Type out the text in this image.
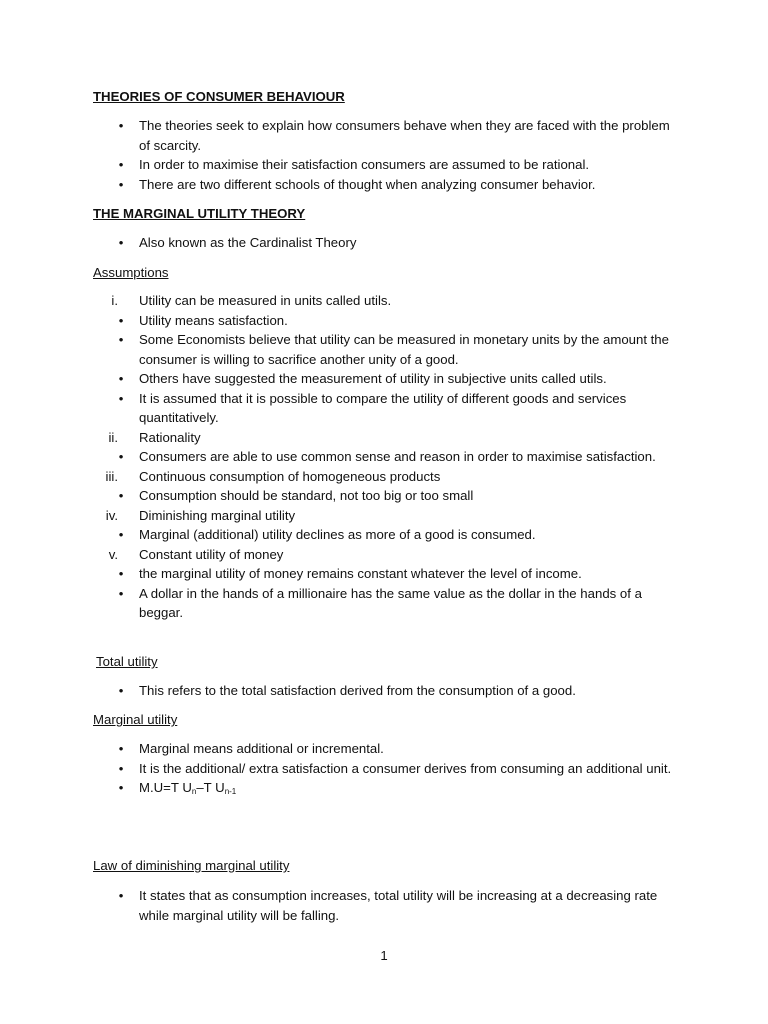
THEORIES OF CONSUMER BEHAVIOUR
•	The theories seek to explain how consumers behave when they are faced with the problem of scarcity.
•	In order to maximise their satisfaction consumers are assumed to be rational.
•	There are two different schools of thought when analyzing consumer behavior.
THE MARGINAL UTILITY THEORY
•	Also known as the Cardinalist Theory
Assumptions
i. Utility can be measured in units called utils.
•	Utility means satisfaction.
•	Some Economists believe that utility can be measured in monetary units by the amount the consumer is willing to sacrifice another unity of a good.
•	Others have suggested the measurement of utility in subjective units called utils.
•	It is assumed that it is possible to compare the utility of different goods and services quantitatively.
ii. Rationality
•	Consumers are able to use common sense and reason in order to maximise satisfaction.
iii. Continuous consumption of homogeneous products
•	Consumption should be standard, not too big or too small
iv. Diminishing marginal utility
•	Marginal (additional) utility declines as more of a good is consumed.
v. Constant utility of money
•	the marginal utility of money remains constant whatever the level of income.
•	A dollar in the hands of a millionaire has the same value as the dollar in the hands of a beggar.
Total utility
•	This refers to the total satisfaction derived from the consumption of a good.
Marginal utility
•	Marginal means additional or incremental.
•	It is the additional/ extra satisfaction a consumer derives from consuming an additional unit.
•	M.U=T $U_n-T$ $U_{n-1}$
Law of diminishing marginal utility
•	It states that as consumption increases, total utility will be increasing at a decreasing rate while marginal utility will be falling.
1
